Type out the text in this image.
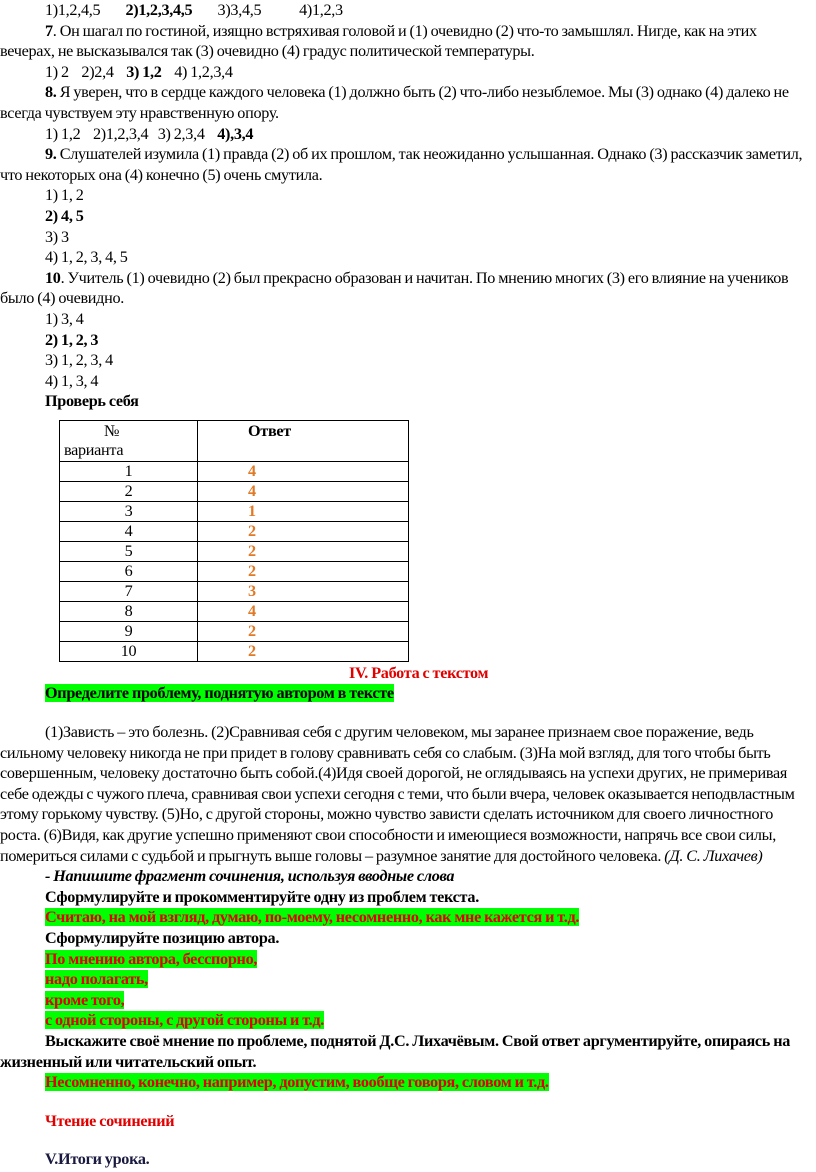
1)1,2,4,5 2)1,2,3,4,5 3)3,4,5 4)1,2,3

7. Он шагал по гостиной, изящно встряхивая головой и (1) очевидно (2) что-то замышлял. Нигде, как на этих вечерах, не высказывался так (3) очевидно (4) градус политической температуры.

1) 2 2)2,4 3) 1,2 4) 1,2,3,4

8. Я уверен, что в сердце каждого человека (1) должно быть (2) что-либо незыблемое. Мы (3) однако (4) далеко не всегда чувствуем эту нравственную опору.

1) 1,2 2)1,2,3,4 3) 2,3,4 4),3,4

9. Слушателей изумила (1) правда (2) об их прошлом, так неожиданно услышанная. Однако (3) рассказчик заметил, что некоторых она (4) конечно (5) очень смутила.

1) 1, 2

2) 4, 5

3) 3

4) 1, 2, 3, 4, 5

10. Учитель (1) очевидно (2) был прекрасно образован и начитан. По мнению многих (3) его влияние на учеников было (4) очевидно.

1) 3, 4

2) 1, 2, 3

3) 1, 2, 3, 4

4) 1, 3, 4

Проверь себя

№
варианта	Ответ
1	4
2	4
3	1
4	2
5	2
6	2
7	3
8	4
9	2
10	2

IV. Работа с текстом

Определите проблему, поднятую автором в тексте

(1)Зависть – это болезнь. (2)Сравнивая себя с другим человеком, мы заранее признаем свое поражение, ведь сильному человеку никогда не при придет в голову сравнивать себя со слабым. (3)На мой взгляд, для того чтобы быть совершенным, человеку достаточно быть собой.(4)Идя своей дорогой, не оглядываясь на успехи других, не примеривая себе одежды с чужого плеча, сравнивая свои успехи сегодня с теми, что были вчера, человек оказывается неподвластным этому горькому чувству. (5)Но, с другой стороны, можно чувство зависти сделать источником для своего личностного роста. (6)Видя, как другие успешно применяют свои способности и имеющиеся возможности, напрячь все свои силы, помериться силами с судьбой и прыгнуть выше головы – разумное занятие для достойного человека. (Д. С. Лихачев)

- Напишите фрагмент сочинения, используя вводные слова

Сформулируйте и прокомментируйте одну из проблем текста.

Считаю, на мой взгляд, думаю, по-моему, несомненно, как мне кажется и т.д.

Сформулируйте позицию автора.

По мнению автора, бесспорно,

надо полагать,

кроме того,

с одной стороны, с другой стороны и т.д.

Выскажите своё мнение по проблеме, поднятой Д.С. Лихачёвым. Свой ответ аргументируйте, опираясь на жизненный или читательский опыт.

Несомненно, конечно, например, допустим, вообще говоря, словом и т.д.

Чтение сочинений

V.Итоги урока.
